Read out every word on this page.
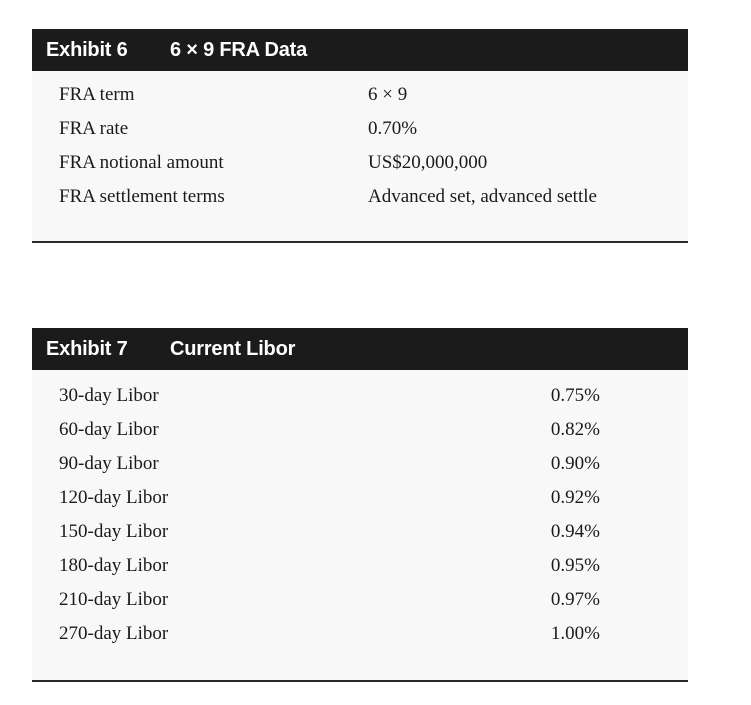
Exhibit 6	6 × 9 FRA Data
FRA term	6 × 9
FRA rate	0.70%
FRA notional amount	US$20,000,000
FRA settlement terms	Advanced set, advanced settle
Exhibit 7	Current Libor
30-day Libor	0.75%
60-day Libor	0.82%
90-day Libor	0.90%
120-day Libor	0.92%
150-day Libor	0.94%
180-day Libor	0.95%
210-day Libor	0.97%
270-day Libor	1.00%
